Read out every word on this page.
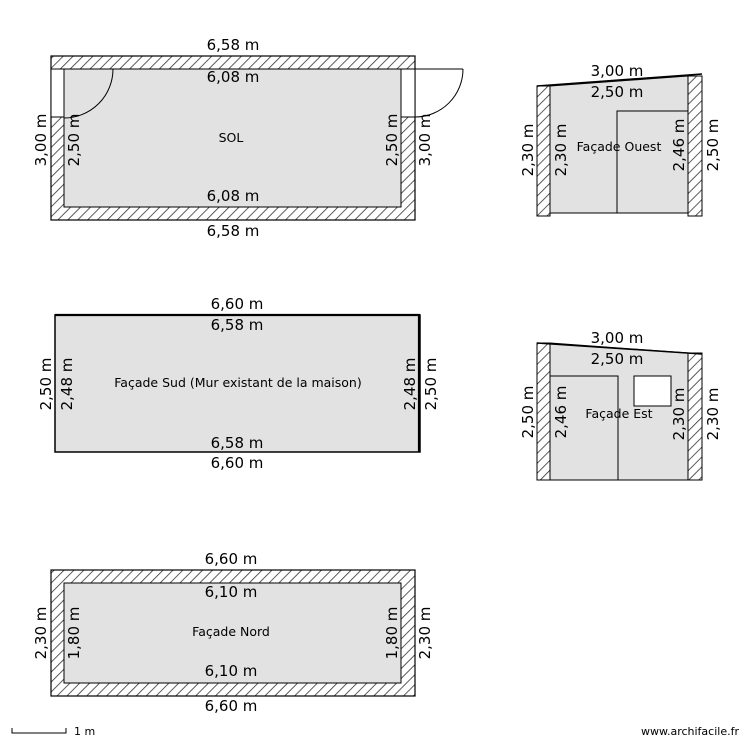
6,58 m
6,08 m
SOL
6,08 m
6,58 m
3,00 m 2,50 m	2,50 m 3,00 m
3,00 m
2,50 m
Façade Ouest
2,30 m 2,30 m	2,46 m 2,50 m
6,60 m
6,58 m
Façade Sud (Mur existant de la maison)
6,58 m
6,60 m
2,50 m 2,48 m	2,48 m 2,50 m
3,00 m
2,50 m
Façade Est
2,50 m 2,46 m	2,30 m 2,30 m
6,60 m
6,10 m
Façade Nord
6,10 m
6,60 m
2,30 m 1,80 m	1,80 m 2,30 m
1 m	www.archifacile.fr
